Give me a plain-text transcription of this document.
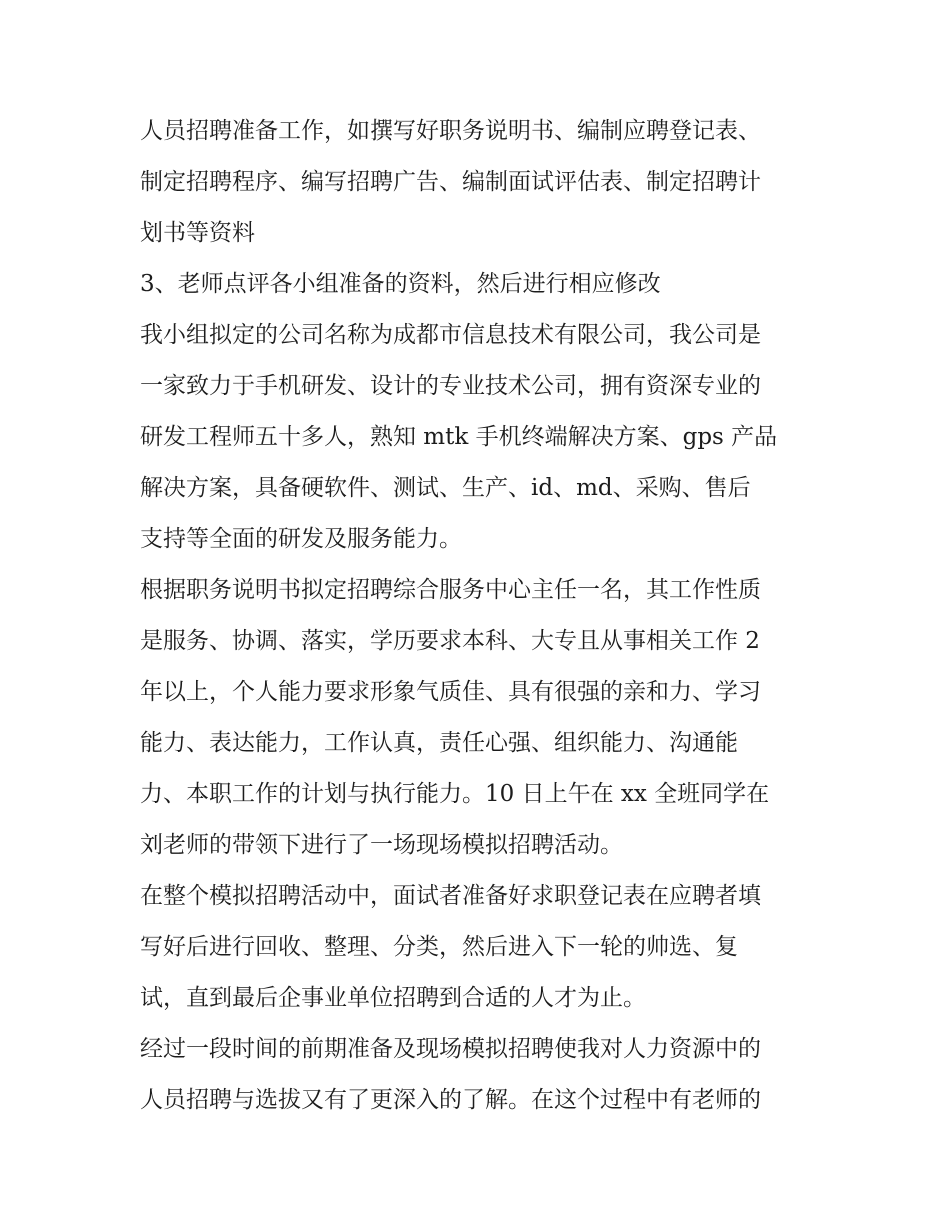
人员招聘准备工作，如撰写好职务说明书、编制应聘登记表、
制定招聘程序、编写招聘广告、编制面试评估表、制定招聘计
划书等资料
3、老师点评各小组准备的资料，然后进行相应修改
我小组拟定的公司名称为成都市信息技术有限公司，我公司是
一家致力于手机研发、设计的专业技术公司，拥有资深专业的
研发工程师五十多人，熟知 mtk 手机终端解决方案、gps 产品
解决方案，具备硬软件、测试、生产、id、md、采购、售后
支持等全面的研发及服务能力。
根据职务说明书拟定招聘综合服务中心主任一名，其工作性质
是服务、协调、落实，学历要求本科、大专且从事相关工作 2
年以上，个人能力要求形象气质佳、具有很强的亲和力、学习
能力、表达能力，工作认真，责任心强、组织能力、沟通能
力、本职工作的计划与执行能力。10 日上午在 xx 全班同学在
刘老师的带领下进行了一场现场模拟招聘活动。
在整个模拟招聘活动中，面试者准备好求职登记表在应聘者填
写好后进行回收、整理、分类，然后进入下一轮的帅选、复
试，直到最后企事业单位招聘到合适的人才为止。
经过一段时间的前期准备及现场模拟招聘使我对人力资源中的
人员招聘与选拔又有了更深入的了解。在这个过程中有老师的
